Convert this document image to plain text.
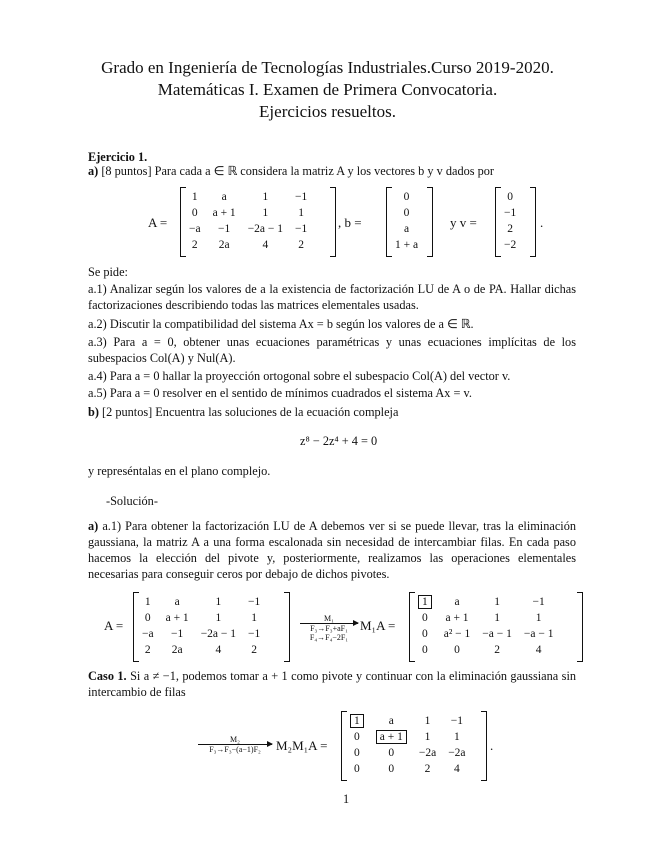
Grado en Ingeniería de Tecnologías Industriales.Curso 2019-2020.
Matemáticas I. Examen de Primera Convocatoria.
Ejercicios resueltos.
Ejercicio 1.
a) [8 puntos] Para cada a ∈ ℝ considera la matriz A y los vectores b y v dados por
A =
1	a	1	−1
0	a + 1	1	1
−a	−1	−2a − 1	−1
2	2a	4	2
, b =
0
0
a
1 + a
y v =
0
−1
2
−2
.
Se pide:
a.1) Analizar según los valores de a la existencia de factorización LU de A o de PA. Hallar dichas factorizaciones describiendo todas las matrices elementales usadas.
a.2) Discutir la compatibilidad del sistema Ax = b según los valores de a ∈ ℝ.
a.3) Para a = 0, obtener unas ecuaciones paramétricas y unas ecuaciones implícitas de los subespacios Col(A) y Nul(A).
a.4) Para a = 0 hallar la proyección ortogonal sobre el subespacio Col(A) del vector v.
a.5) Para a = 0 resolver en el sentido de mínimos cuadrados el sistema Ax = v.
b) [2 puntos] Encuentra las soluciones de la ecuación compleja
z⁸ − 2z⁴ + 4 = 0
y represéntalas en el plano complejo.
-Solución-
a) a.1) Para obtener la factorización LU de A debemos ver si se puede llevar, tras la eliminación gaussiana, la matriz A a una forma escalonada sin necesidad de intercambiar filas. En cada paso hacemos la elección del pivote y, posteriormente, realizamos las operaciones elementales necesarias para conseguir ceros por debajo de dichos pivotes.
A =
1	a	1	−1
0	a + 1	1	1
−a	−1	−2a − 1	−1
2	2a	4	2
M₁
F₃→F₃+aF₁
F₄→F₄−2F₁
M₁A =
1	a	1	−1
0	a + 1	1	1
0	a² − 1	−a − 1	−a − 1
0	0	2	4
Caso 1. Si a ≠ −1, podemos tomar a + 1 como pivote y continuar con la eliminación gaussiana sin intercambio de filas
M₂
F₃→F₃−(a−1)F₂	M₂M₁A =
1	a	1	−1
0	a + 1	1	1
0	0	−2a	−2a
0	0	2	4
.
1
